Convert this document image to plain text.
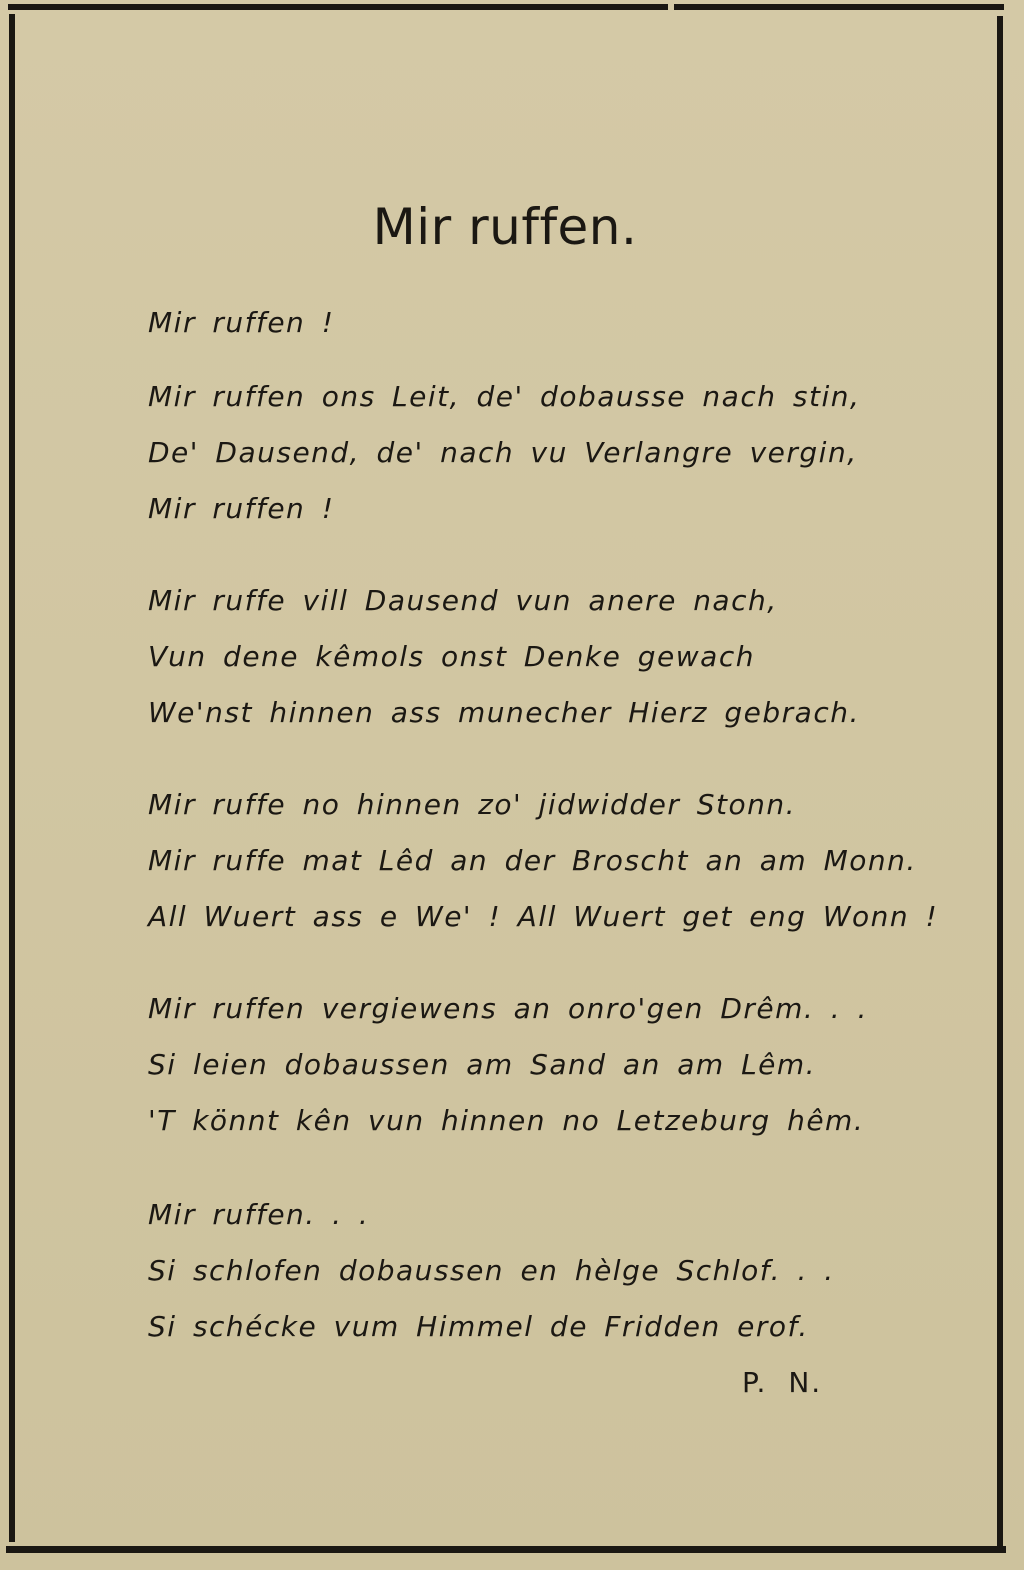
Mir ruffen.
Mir ruffen !
Mir ruffen ons Leit, de' dobausse nach stin,
De' Dausend, de' nach vu Verlangre vergin,
Mir ruffen !
Mir ruffe vill Dausend vun anere nach,
Vun dene kêmols onst Denke gewach
We'nst hinnen ass munecher Hierz gebrach.
Mir ruffe no hinnen zo' jidwidder Stonn.
Mir ruffe mat Lêd an der Broscht an am Monn.
All Wuert ass e We' ! All Wuert get eng Wonn !
Mir ruffen vergiewens an onro'gen Drêm. . .
Si leien dobaussen am Sand an am Lêm.
'T könnt kên vun hinnen no Letzeburg hêm.
Mir ruffen. . .
Si schlofen dobaussen en hèlge Schlof. . .
Si schécke vum Himmel de Fridden erof.
P. N.
